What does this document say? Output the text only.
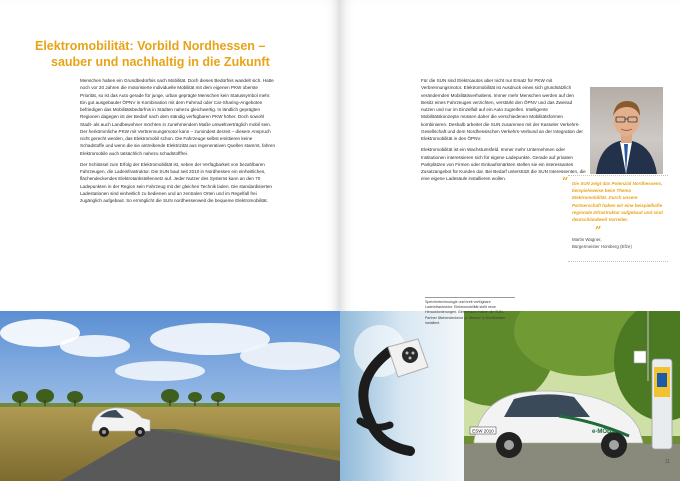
Elektromobilität: Vorbild Nordhessen –
sauber und nachhaltig in die Zukunft

Menschen haben ein Grundbedürfnis nach Mobilität. Doch dieses Bedürfnis wandelt sich. Hatte noch vor 20 Jahren die motorisierte individuelle Mobilität mit dem eigenen PKW oberste Priorität, so ist das Auto gerade für junge, urban geprägte Menschen kein Statussymbol mehr. Ein gut ausgebauter ÖPNV in Kombination mit dem Fahrrad oder Car-Sharing-Angeboten befriedigen das Mobilitätsbedürfnis in Städten nahezu gleichwertig. In ländlich geprägten Regionen dagegen ist der Bedarf nach dem ständig verfügbaren PKW höher. Doch sowohl Stadt- als auch Landbewohner möchten in zunehmendem Maße umweltverträglich mobil sein. Der herkömmliche PKW mit Verbrennungsmotor kann – zumindest derzeit – diesem Anspruch nicht gerecht werden, das Elektromobil schon. Die Fahrzeuge selbst emittieren keine Schadstoffe und wenn die sie antreibende Elektrizität aus regenerativen Quellen stammt, fahren Elektromobile auch tatsächlich nahezu schadstofffrei.

Der Schlüssel zum Erfolg der Elektromobilität ist, neben der Verfügbarkeit von bezahlbaren Fahrzeugen, die Ladeinfrastruktur. Die SUN baut seit 2010 in Nordhessen ein einheitliches, flächendeckendes Elektrotankstellennetz auf. Jeder Nutzer des Systems kann an den 70 Ladepunkten in der Region sein Fahrzeug mit der gleichen Technik laden. Die standardisierten Ladestationen sind einheitlich zu bedienen und an zentralen Orten und im Regelfall frei zugänglich aufgebaut. So ermöglicht die SUN nordhessenweit die bequeme Elektromobilität.

Für die SUN sind Elektroautos aber nicht nur Ersatz für PKW mit Verbrennungsmotor. Elektromobilität ist Ausdruck eines sich grundsätzlich verändernden Mobilitätsverhaltens. Immer mehr Menschen werden auf den Besitz eines Fahrzeuges verzichten, verstärkt den ÖPNV und das Zweirad nutzen und nur im Einzelfall auf ein Auto zugreifen. Intelligente Mobilitätskonzepte müssen daher die verschiedenen Mobilitätsformen kombinieren. Deshalb arbeitet die SUN zusammen mit der Kasseler Verkehrs-Gesellschaft und dem Nordhessischen Verkehrs-Verbund an der Integration der Elektromobilität in den ÖPNV.

Elektromobilität ist ein Wachstumsfeld. Immer mehr Unternehmen oder Institutionen interessieren sich für eigene Ladepunkte. Gerade auf privaten Parkplätzen von Firmen oder Einkaufsmärkten stellen sie ein interessantes Zusatzangebot für Kunden dar. Bei Bedarf unterstützt die SUN Interessenten, die eine eigene Ladesäule installieren wollen.	“ Die SUN zeigt das Potenzial Nordhessens, beispielsweise beim Thema Elektromobilität. Durch unsere Partnerschaft haben wir eine beispielhafte regionale Infrastruktur aufgebaut und sind deutschlandweit Vorreiter.
”
Martin Wagner,
Bürgermeister Homberg (Efze)
ESW 2010	e-MOBIL
Speichertechnologie und breit verfügbare Ladeinfrastruktur: Elektromobilität stellt neue Herausforderungen. Gemeinsam haben die SUN-Partner flächendeckend „e-Tanken“ in Nordhessen installiert.
11
